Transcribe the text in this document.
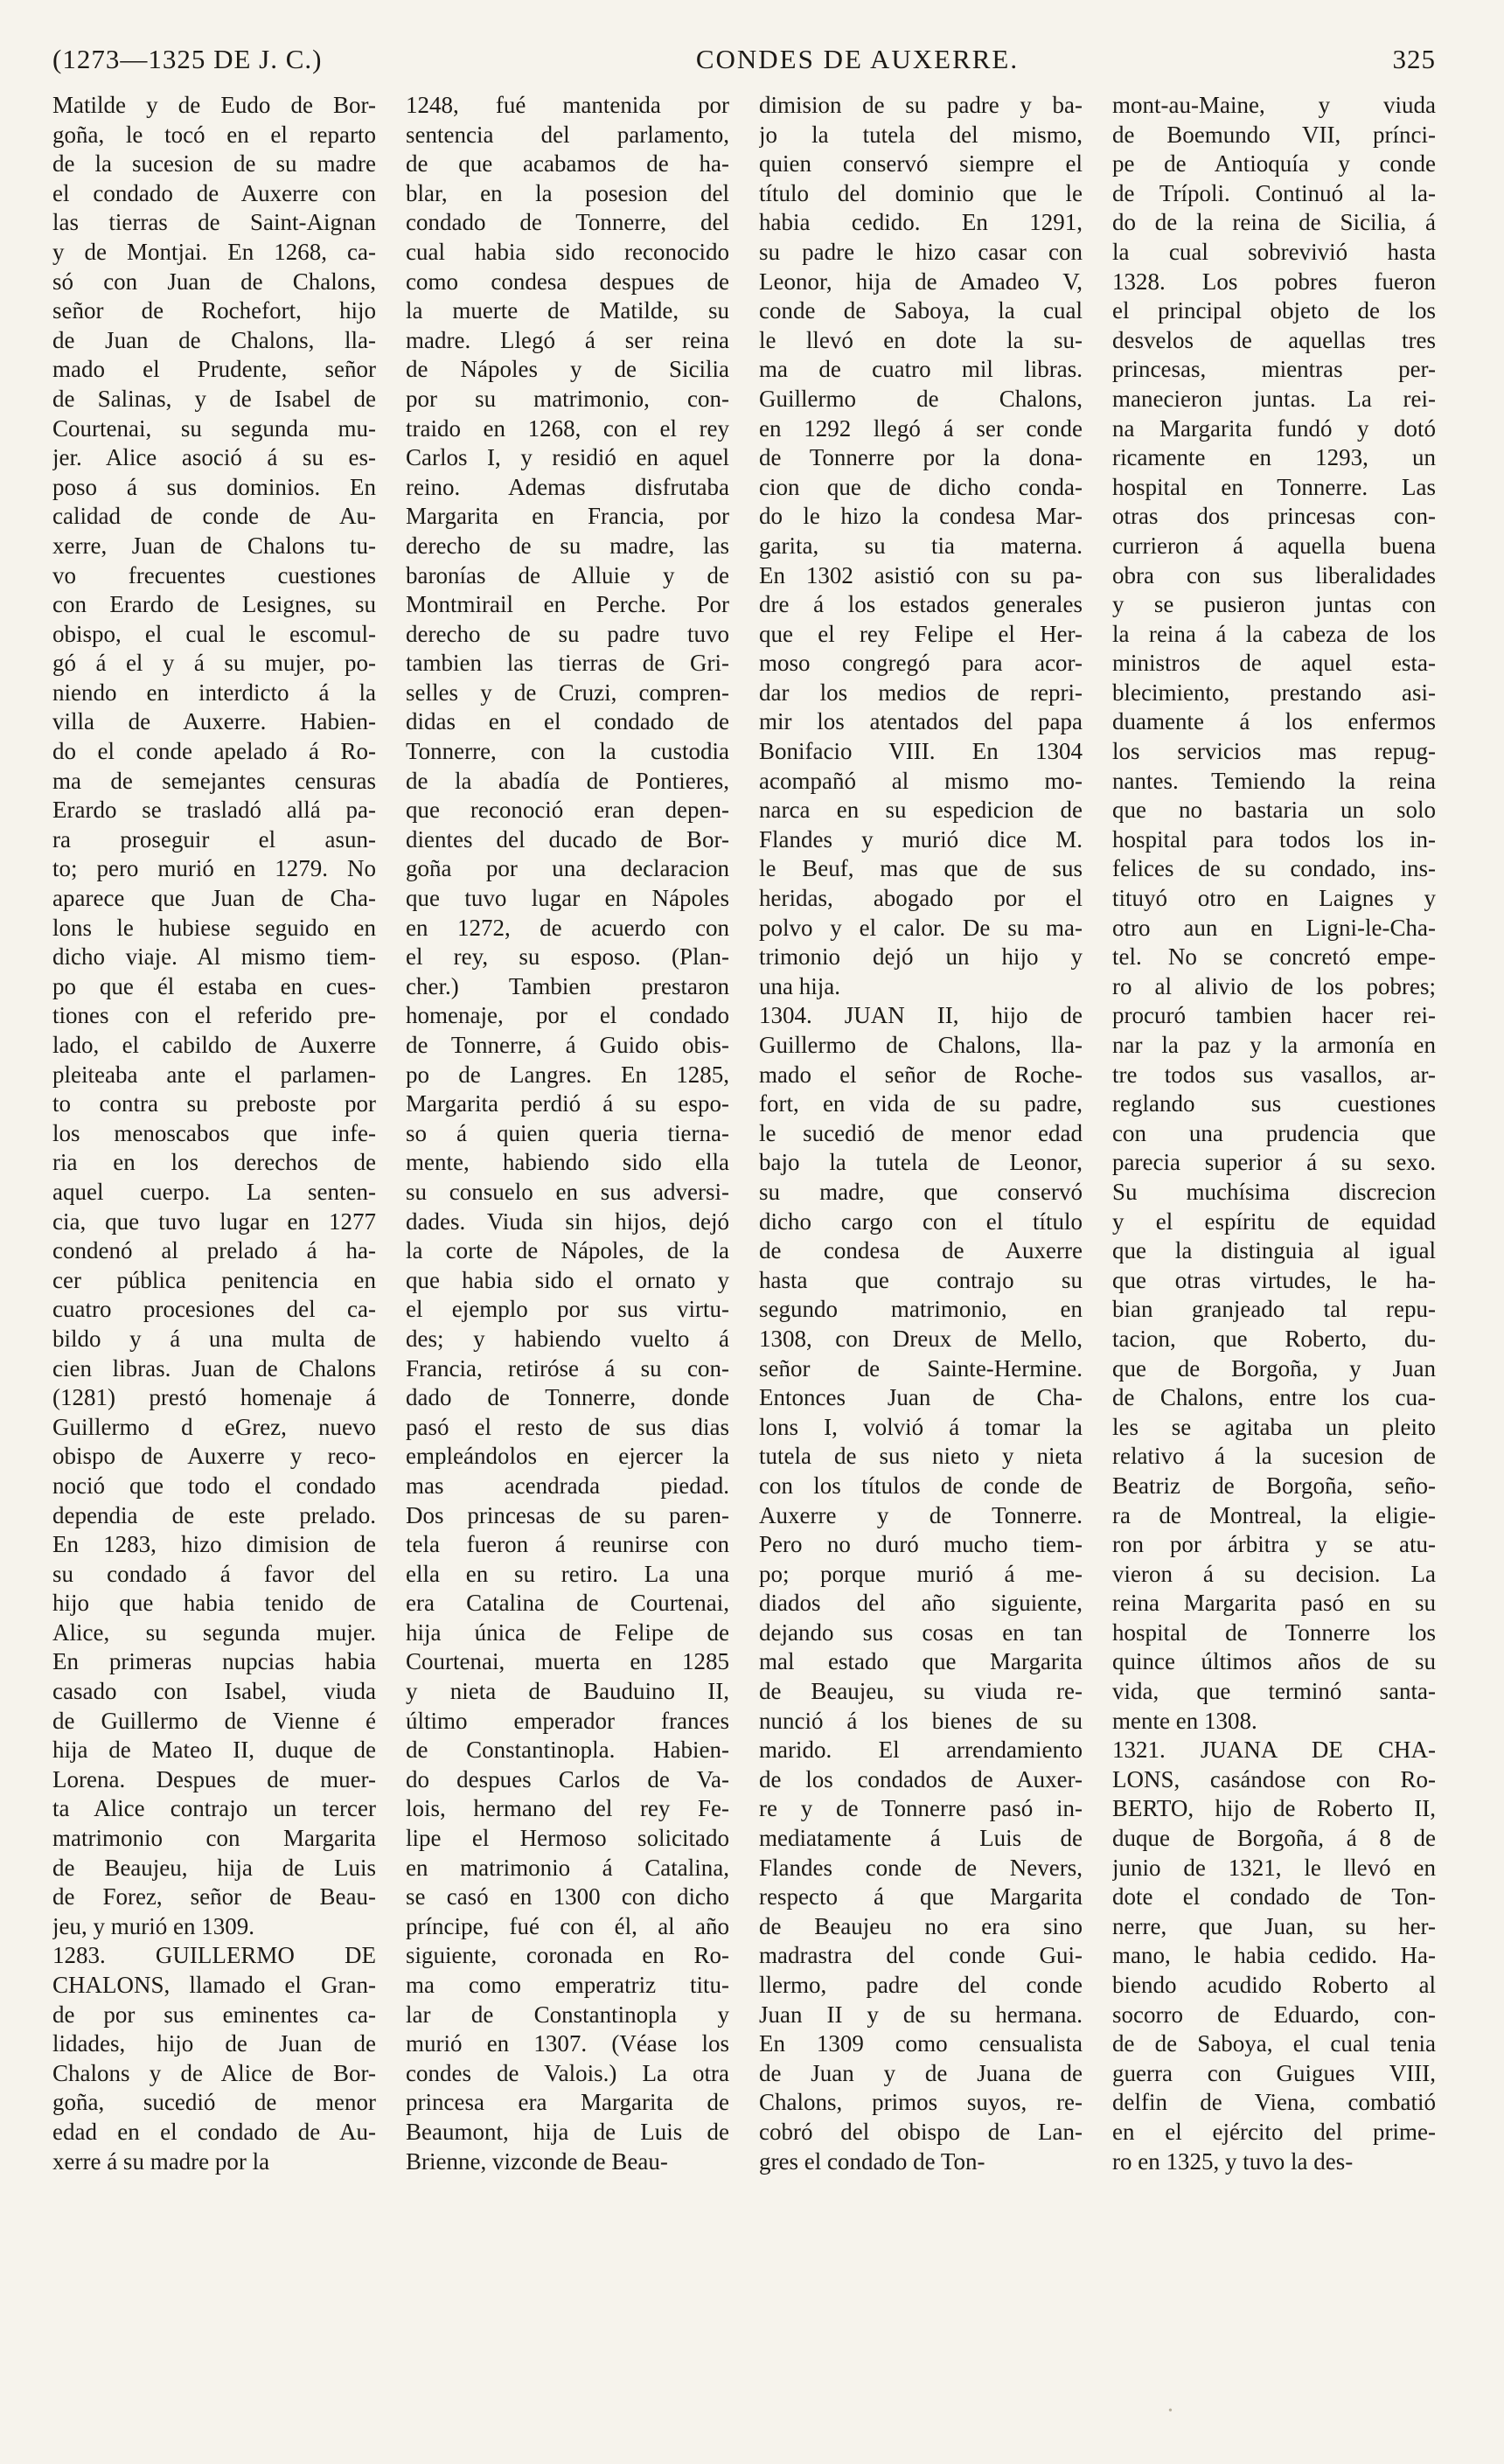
(1273—1325 DE J. C.)	CONDES DE AUXERRE.	325
Matilde y de Eudo de Bor-
goña, le tocó en el reparto
de la sucesion de su madre
el condado de Auxerre con
las tierras de Saint-Aignan
y de Montjai. En 1268, ca-
só con Juan de Chalons,
señor de Rochefort, hijo
de Juan de Chalons, lla-
mado el Prudente, señor
de Salinas, y de Isabel de
Courtenai, su segunda mu-
jer. Alice asoció á su es-
poso á sus dominios. En
calidad de conde de Au-
xerre, Juan de Chalons tu-
vo frecuentes cuestiones
con Erardo de Lesignes, su
obispo, el cual le escomul-
gó á el y á su mujer, po-
niendo en interdicto á la
villa de Auxerre. Habien-
do el conde apelado á Ro-
ma de semejantes censuras
Erardo se trasladó allá pa-
ra proseguir el asun-
to; pero murió en 1279. No
aparece que Juan de Cha-
lons le hubiese seguido en
dicho viaje. Al mismo tiem-
po que él estaba en cues-
tiones con el referido pre-
lado, el cabildo de Auxerre
pleiteaba ante el parlamen-
to contra su preboste por
los menoscabos que infe-
ria en los derechos de
aquel cuerpo. La senten-
cia, que tuvo lugar en 1277
condenó al prelado á ha-
cer pública penitencia en
cuatro procesiones del ca-
bildo y á una multa de
cien libras. Juan de Chalons
(1281) prestó homenaje á
Guillermo d eGrez, nuevo
obispo de Auxerre y reco-
noció que todo el condado
dependia de este prelado.
En 1283, hizo dimision de
su condado á favor del
hijo que habia tenido de
Alice, su segunda mujer.
En primeras nupcias habia
casado con Isabel, viuda
de Guillermo de Vienne é
hija de Mateo II, duque de
Lorena. Despues de muer-
ta Alice contrajo un tercer
matrimonio con Margarita
de Beaujeu, hija de Luis
de Forez, señor de Beau-
jeu, y murió en 1309.
1283. GUILLERMO DE
CHALONS, llamado el Gran-
de por sus eminentes ca-
lidades, hijo de Juan de
Chalons y de Alice de Bor-
goña, sucedió de menor
edad en el condado de Au-
xerre á su madre por la
1248, fué mantenida por
sentencia del parlamento,
de que acabamos de ha-
blar, en la posesion del
condado de Tonnerre, del
cual habia sido reconocido
como condesa despues de
la muerte de Matilde, su
madre. Llegó á ser reina
de Nápoles y de Sicilia
por su matrimonio, con-
traido en 1268, con el rey
Carlos I, y residió en aquel
reino. Ademas disfrutaba
Margarita en Francia, por
derecho de su madre, las
baronías de Alluie y de
Montmirail en Perche. Por
derecho de su padre tuvo
tambien las tierras de Gri-
selles y de Cruzi, compren-
didas en el condado de
Tonnerre, con la custodia
de la abadía de Pontieres,
que reconoció eran depen-
dientes del ducado de Bor-
goña por una declaracion
que tuvo lugar en Nápoles
en 1272, de acuerdo con
el rey, su esposo. (Plan-
cher.) Tambien prestaron
homenaje, por el condado
de Tonnerre, á Guido obis-
po de Langres. En 1285,
Margarita perdió á su espo-
so á quien queria tierna-
mente, habiendo sido ella
su consuelo en sus adversi-
dades. Viuda sin hijos, dejó
la corte de Nápoles, de la
que habia sido el ornato y
el ejemplo por sus virtu-
des; y habiendo vuelto á
Francia, retiróse á su con-
dado de Tonnerre, donde
pasó el resto de sus dias
empleándolos en ejercer la
mas acendrada piedad.
Dos princesas de su paren-
tela fueron á reunirse con
ella en su retiro. La una
era Catalina de Courtenai,
hija única de Felipe de
Courtenai, muerta en 1285
y nieta de Bauduino II,
último emperador frances
de Constantinopla. Habien-
do despues Carlos de Va-
lois, hermano del rey Fe-
lipe el Hermoso solicitado
en matrimonio á Catalina,
se casó en 1300 con dicho
príncipe, fué con él, al año
siguiente, coronada en Ro-
ma como emperatriz titu-
lar de Constantinopla y
murió en 1307. (Véase los
condes de Valois.) La otra
princesa era Margarita de
Beaumont, hija de Luis de
Brienne, vizconde de Beau-
dimision de su padre y ba-
jo la tutela del mismo,
quien conservó siempre el
título del dominio que le
habia cedido. En 1291,
su padre le hizo casar con
Leonor, hija de Amadeo V,
conde de Saboya, la cual
le llevó en dote la su-
ma de cuatro mil libras.
Guillermo de Chalons,
en 1292 llegó á ser conde
de Tonnerre por la dona-
cion que de dicho conda-
do le hizo la condesa Mar-
garita, su tia materna.
En 1302 asistió con su pa-
dre á los estados generales
que el rey Felipe el Her-
moso congregó para acor-
dar los medios de repri-
mir los atentados del papa
Bonifacio VIII. En 1304
acompañó al mismo mo-
narca en su espedicion de
Flandes y murió dice M.
le Beuf, mas que de sus
heridas, abogado por el
polvo y el calor. De su ma-
trimonio dejó un hijo y
una hija.
1304. JUAN II, hijo de
Guillermo de Chalons, lla-
mado el señor de Roche-
fort, en vida de su padre,
le sucedió de menor edad
bajo la tutela de Leonor,
su madre, que conservó
dicho cargo con el título
de condesa de Auxerre
hasta que contrajo su
segundo matrimonio, en
1308, con Dreux de Mello,
señor de Sainte-Hermine.
Entonces Juan de Cha-
lons I, volvió á tomar la
tutela de sus nieto y nieta
con los títulos de conde de
Auxerre y de Tonnerre.
Pero no duró mucho tiem-
po; porque murió á me-
diados del año siguiente,
dejando sus cosas en tan
mal estado que Margarita
de Beaujeu, su viuda re-
nunció á los bienes de su
marido. El arrendamiento
de los condados de Auxer-
re y de Tonnerre pasó in-
mediatamente á Luis de
Flandes conde de Nevers,
respecto á que Margarita
de Beaujeu no era sino
madrastra del conde Gui-
llermo, padre del conde
Juan II y de su hermana.
En 1309 como censualista
de Juan y de Juana de
Chalons, primos suyos, re-
cobró del obispo de Lan-
gres el condado de Ton-
mont-au-Maine, y viuda
de Boemundo VII, prínci-
pe de Antioquía y conde
de Trípoli. Continuó al la-
do de la reina de Sicilia, á
la cual sobrevivió hasta
1328. Los pobres fueron
el principal objeto de los
desvelos de aquellas tres
princesas, mientras per-
manecieron juntas. La rei-
na Margarita fundó y dotó
ricamente en 1293, un
hospital en Tonnerre. Las
otras dos princesas con-
currieron á aquella buena
obra con sus liberalidades
y se pusieron juntas con
la reina á la cabeza de los
ministros de aquel esta-
blecimiento, prestando asi-
duamente á los enfermos
los servicios mas repug-
nantes. Temiendo la reina
que no bastaria un solo
hospital para todos los in-
felices de su condado, ins-
tituyó otro en Laignes y
otro aun en Ligni-le-Cha-
tel. No se concretó empe-
ro al alivio de los pobres;
procuró tambien hacer rei-
nar la paz y la armonía en
tre todos sus vasallos, ar-
reglando sus cuestiones
con una prudencia que
parecia superior á su sexo.
Su muchísima discrecion
y el espíritu de equidad
que la distinguia al igual
que otras virtudes, le ha-
bian granjeado tal repu-
tacion, que Roberto, du-
que de Borgoña, y Juan
de Chalons, entre los cua-
les se agitaba un pleito
relativo á la sucesion de
Beatriz de Borgoña, seño-
ra de Montreal, la eligie-
ron por árbitra y se atu-
vieron á su decision. La
reina Margarita pasó en su
hospital de Tonnerre los
quince últimos años de su
vida, que terminó santa-
mente en 1308.
1321. JUANA DE CHA-
LONS, casándose con Ro-
BERTO, hijo de Roberto II,
duque de Borgoña, á 8 de
junio de 1321, le llevó en
dote el condado de Ton-
nerre, que Juan, su her-
mano, le habia cedido. Ha-
biendo acudido Roberto al
socorro de Eduardo, con-
de de Saboya, el cual tenia
guerra con Guigues VIII,
delfin de Viena, combatió
en el ejército del prime-
ro en 1325, y tuvo la des-
•
